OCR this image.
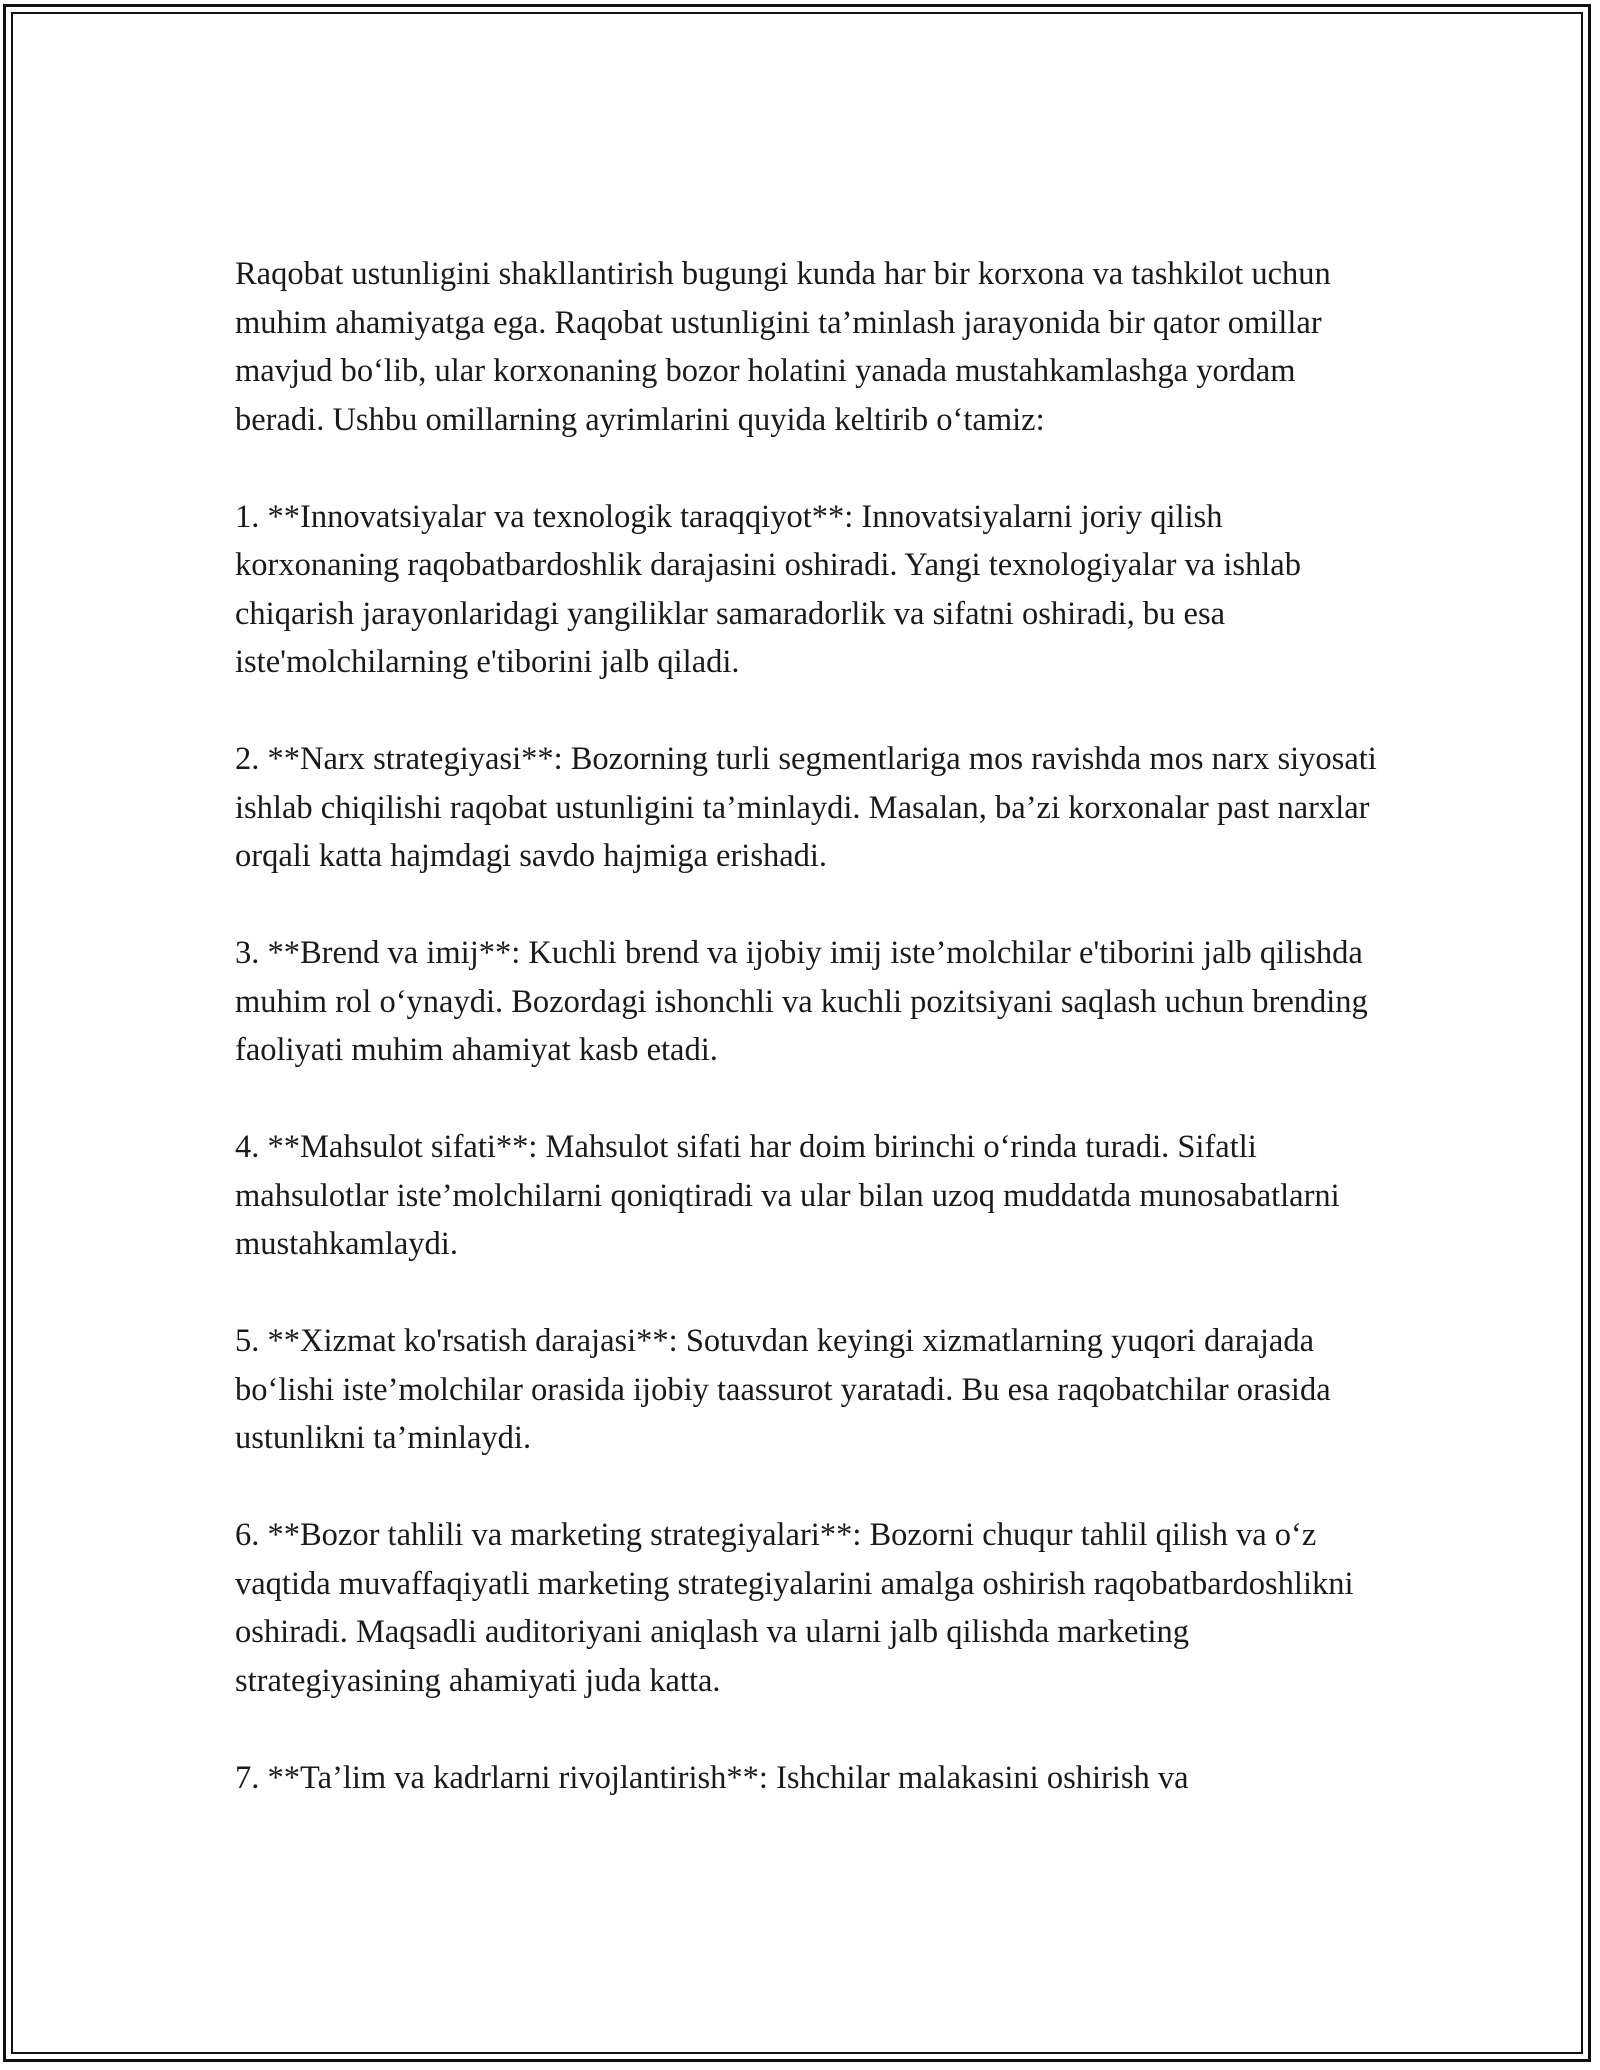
Raqobat ustunligini shakllantirish bugungi kunda har bir korxona va tashkilot uchun muhim ahamiyatga ega. Raqobat ustunligini ta’minlash jarayonida bir qator omillar mavjud bo‘lib, ular korxonaning bozor holatini yanada mustahkamlashga yordam beradi. Ushbu omillarning ayrimlarini quyida keltirib o‘tamiz:

1. **Innovatsiyalar va texnologik taraqqiyot**: Innovatsiyalarni joriy qilish korxonaning raqobatbardoshlik darajasini oshiradi. Yangi texnologiyalar va ishlab chiqarish jarayonlaridagi yangiliklar samaradorlik va sifatni oshiradi, bu esa iste'molchilarning e'tiborini jalb qiladi.

2. **Narx strategiyasi**: Bozorning turli segmentlariga mos ravishda mos narx siyosati ishlab chiqilishi raqobat ustunligini ta’minlaydi. Masalan, ba’zi korxonalar past narxlar orqali katta hajmdagi savdo hajmiga erishadi.

3. **Brend va imij**: Kuchli brend va ijobiy imij iste’molchilar e'tiborini jalb qilishda muhim rol o‘ynaydi. Bozordagi ishonchli va kuchli pozitsiyani saqlash uchun brending faoliyati muhim ahamiyat kasb etadi.

4. **Mahsulot sifati**: Mahsulot sifati har doim birinchi o‘rinda turadi. Sifatli mahsulotlar iste’molchilarni qoniqtiradi va ular bilan uzoq muddatda munosabatlarni mustahkamlaydi.

5. **Xizmat ko'rsatish darajasi**: Sotuvdan keyingi xizmatlarning yuqori darajada bo‘lishi iste’molchilar orasida ijobiy taassurot yaratadi. Bu esa raqobatchilar orasida ustunlikni ta’minlaydi.

6. **Bozor tahlili va marketing strategiyalari**: Bozorni chuqur tahlil qilish va o‘z vaqtida muvaffaqiyatli marketing strategiyalarini amalga oshirish raqobatbardoshlikni oshiradi. Maqsadli auditoriyani aniqlash va ularni jalb qilishda marketing strategiyasining ahamiyati juda katta.

7. **Ta’lim va kadrlarni rivojlantirish**: Ishchilar malakasini oshirish va
